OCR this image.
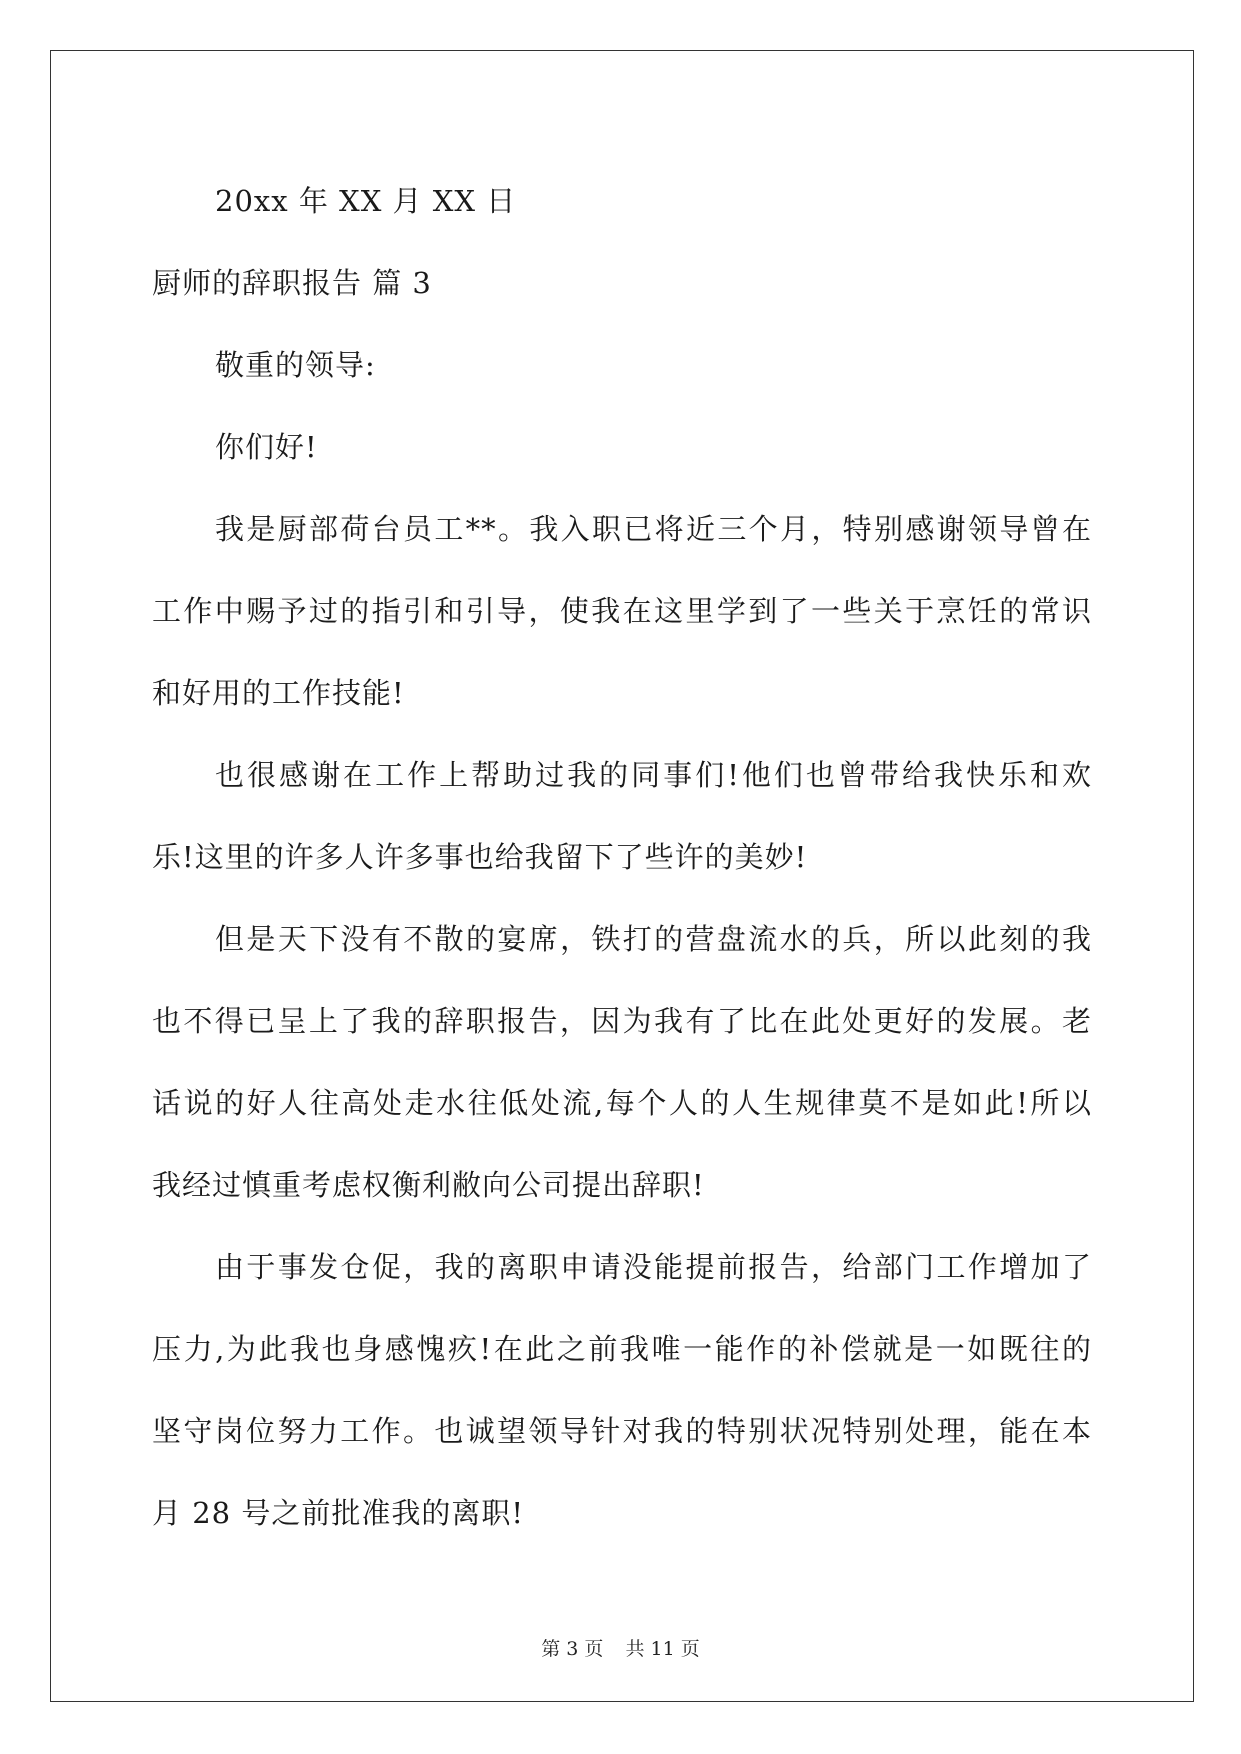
20xx 年 XX 月 XX 日
厨师的辞职报告 篇 3
敬重的领导:
你们好!
我是厨部荷台员工**。我入职已将近三个月，特别感谢领导曾在
工作中赐予过的指引和引导，使我在这里学到了一些关于烹饪的常识
和好用的工作技能!
也很感谢在工作上帮助过我的同事们!他们也曾带给我快乐和欢
乐!这里的许多人许多事也给我留下了些许的美妙!
但是天下没有不散的宴席，铁打的营盘流水的兵，所以此刻的我
也不得已呈上了我的辞职报告，因为我有了比在此处更好的发展。老
话说的好人往高处走水往低处流,每个人的人生规律莫不是如此!所以
我经过慎重考虑权衡利敝向公司提出辞职!
由于事发仓促，我的离职申请没能提前报告，给部门工作增加了
压力,为此我也身感愧疚!在此之前我唯一能作的补偿就是一如既往的
坚守岗位努力工作。也诚望领导针对我的特别状况特别处理，能在本
月 28 号之前批准我的离职!
第 3 页 共 11 页
